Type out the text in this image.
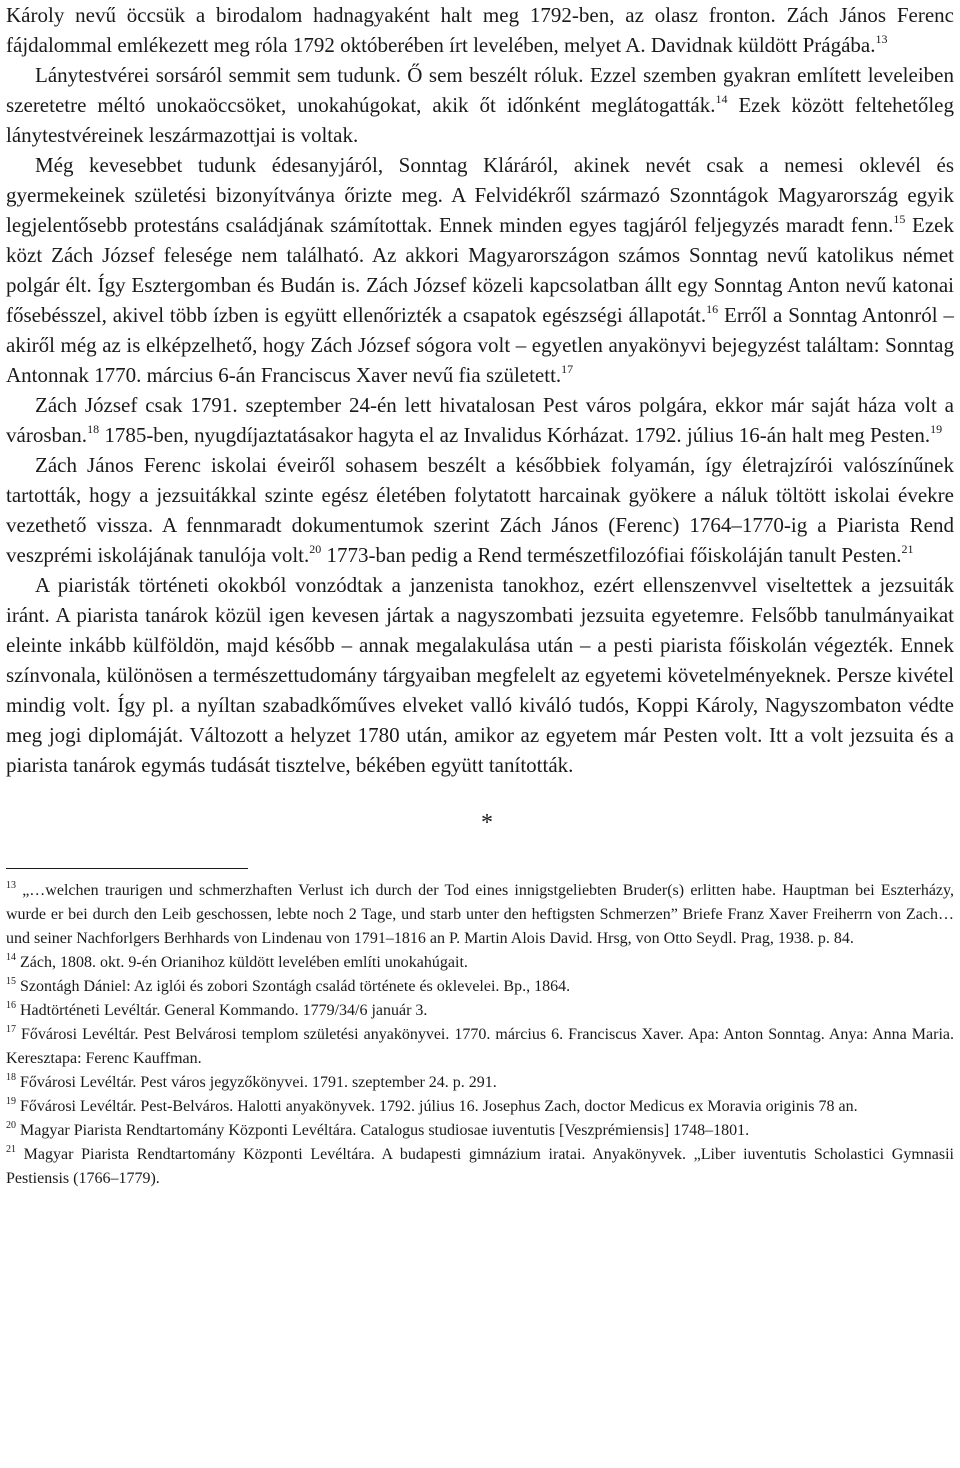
Károly nevű öccsük a birodalom hadnagyaként halt meg 1792-ben, az olasz fronton. Zách János Ferenc fájdalommal emlékezett meg róla 1792 októberében írt levelében, melyet A. Davidnak küldött Prágába.$^{13}$

Lánytestvérei sorsáról semmit sem tudunk. Ő sem beszélt róluk. Ezzel szemben gyakran említett leveleiben szeretetre méltó unokaöccsöket, unokahúgokat, akik őt időnként meglátogatták.$^{14}$ Ezek között feltehetőleg lánytestvéreinek leszármazottjai is voltak.

Még kevesebbet tudunk édesanyjáról, Sonntag Kláráról, akinek nevét csak a nemesi oklevél és gyermekeinek születési bizonyítványa őrizte meg. A Felvidékről származó Szonntágok Magyarország egyik legjelentősebb protestáns családjának számítottak. Ennek minden egyes tagjáról feljegyzés maradt fenn.$^{15}$ Ezek közt Zách József felesége nem található. Az akkori Magyarországon számos Sonntag nevű katolikus német polgár élt. Így Esztergomban és Budán is. Zách József közeli kapcsolatban állt egy Sonntag Anton nevű katonai fősebésszel, akivel több ízben is együtt ellenőrizték a csapatok egészségi állapotát.$^{16}$ Erről a Sonntag Antonról – akiről még az is elképzelhető, hogy Zách József sógora volt – egyetlen anyakönyvi bejegyzést találtam: Sonntag Antonnak 1770. március 6-án Franciscus Xaver nevű fia született.$^{17}$

Zách József csak 1791. szeptember 24-én lett hivatalosan Pest város polgára, ekkor már saját háza volt a városban.$^{18}$ 1785-ben, nyugdíjaztatásakor hagyta el az Invalidus Kórházat. 1792. július 16-án halt meg Pesten.$^{19}$

Zách János Ferenc iskolai éveiről sohasem beszélt a későbbiek folyamán, így életrajzírói valószínűnek tartották, hogy a jezsuitákkal szinte egész életében folytatott harcainak gyökere a náluk töltött iskolai évekre vezethető vissza. A fennmaradt dokumentumok szerint Zách János (Ferenc) 1764–1770-ig a Piarista Rend veszprémi iskolájának tanulója volt.$^{20}$ 1773-ban pedig a Rend természetfilozófiai főiskoláján tanult Pesten.$^{21}$

A piaristák történeti okokból vonzódtak a janzenista tanokhoz, ezért ellenszenvvel viseltettek a jezsuiták iránt. A piarista tanárok közül igen kevesen jártak a nagyszombati jezsuita egyetemre. Felsőbb tanulmányaikat eleinte inkább külföldön, majd később – annak megalakulása után – a pesti piarista főiskolán végezték. Ennek színvonala, különösen a természettudomány tárgyaiban megfelelt az egyetemi követelményeknek. Persze kivétel mindig volt. Így pl. a nyíltan szabadkőműves elveket valló kiváló tudós, Koppi Károly, Nagyszombaton védte meg jogi diplomáját. Változott a helyzet 1780 után, amikor az egyetem már Pesten volt. Itt a volt jezsuita és a piarista tanárok egymás tudását tisztelve, békében együtt tanították.

*

$^{13}$ „…welchen traurigen und schmerzhaften Verlust ich durch der Tod eines innigstgeliebten Bruder(s) erlitten habe. Hauptman bei Eszterházy, wurde er bei durch den Leib geschossen, lebte noch 2 Tage, und starb unter den heftigsten Schmerzen” Briefe Franz Xaver Freiherrn von Zach…und seiner Nachforlgers Berhhards von Lindenau von 1791–1816 an P. Martin Alois David. Hrsg, von Otto Seydl. Prag, 1938. p. 84.

$^{14}$ Zách, 1808. okt. 9-én Orianihoz küldött levelében említi unokahúgait.

$^{15}$ Szontágh Dániel: Az iglói és zobori Szontágh család története és oklevelei. Bp., 1864.

$^{16}$ Hadtörténeti Levéltár. General Kommando. 1779/34/6 január 3.

$^{17}$ Fővárosi Levéltár. Pest Belvárosi templom születési anyakönyvei. 1770. március 6. Franciscus Xaver. Apa: Anton Sonntag. Anya: Anna Maria. Keresztapa: Ferenc Kauffman.

$^{18}$ Fővárosi Levéltár. Pest város jegyzőkönyvei. 1791. szeptember 24. p. 291.

$^{19}$ Fővárosi Levéltár. Pest-Belváros. Halotti anyakönyvek. 1792. július 16. Josephus Zach, doctor Medicus ex Moravia originis 78 an.

$^{20}$ Magyar Piarista Rendtartomány Központi Levéltára. Catalogus studiosae iuventutis [Veszprémiensis] 1748–1801.

$^{21}$ Magyar Piarista Rendtartomány Központi Levéltára. A budapesti gimnázium iratai. Anyakönyvek. „Liber iuventutis Scholastici Gymnasii Pestiensis (1766–1779).
